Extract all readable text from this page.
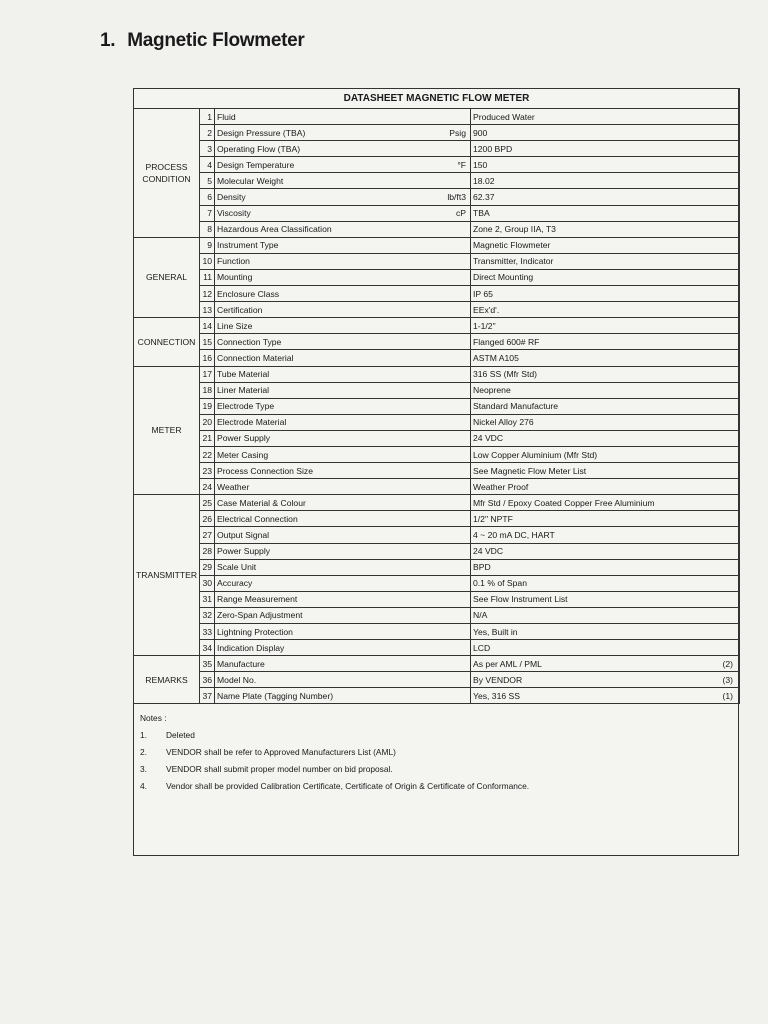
1. Magnetic Flowmeter
DATASHEET MAGNETIC FLOW METER			
PROCESS CONDITION	1	Fluid	Produced Water

	2	Design Pressure (TBA) Psig	900

	3	Operating Flow (TBA)	1200 BPD

	4	Design Temperature °F	150

	5	Molecular Weight	18.02

	6	Density lb/ft3	62.37

	7	Viscosity cP	TBA

	8	Hazardous Area Classification	Zone 2, Group IIA, T3

GENERAL	9	Instrument Type	Magnetic Flowmeter

	10	Function	Transmitter, Indicator

	11	Mounting	Direct Mounting

	12	Enclosure Class	IP 65

	13	Certification	EEx'd'.

CONNECTION	14	Line Size	1-1/2"

	15	Connection Type	Flanged 600# RF

	16	Connection Material	ASTM A105

METER	17	Tube Material	316 SS (Mfr Std)

	18	Liner Material	Neoprene

	19	Electrode Type	Standard Manufacture

	20	Electrode Material	Nickel Alloy 276

	21	Power Supply	24 VDC

	22	Meter Casing	Low Copper Aluminium (Mfr Std)

	23	Process Connection Size	See Magnetic Flow Meter List

	24	Weather	Weather Proof

TRANSMITTER	25	Case Material & Colour	Mfr Std / Epoxy Coated Copper Free Aluminium

	26	Electrical Connection	1/2" NPTF

	27	Output Signal	4 ~ 20 mA DC, HART

	28	Power Supply	24 VDC

	29	Scale Unit	BPD

	30	Accuracy	0.1 % of Span

	31	Range Measurement	See Flow Instrument List

	32	Zero-Span Adjustment	N/A

	33	Lightning Protection	Yes, Built in

	34	Indication Display	LCD

REMARKS	35	Manufacture	As per AML / PML (2)

	36	Model No.	By VENDOR (3)

	37	Name Plate (Tagging Number)	Yes, 316 SS (1)
Notes :
1.	Deleted
2.	VENDOR shall be refer to Approved Manufacturers List (AML)
3.	VENDOR shall submit proper model number on bid proposal.
4.	Vendor shall be provided Calibration Certificate, Certificate of Origin & Certificate of Conformance.
